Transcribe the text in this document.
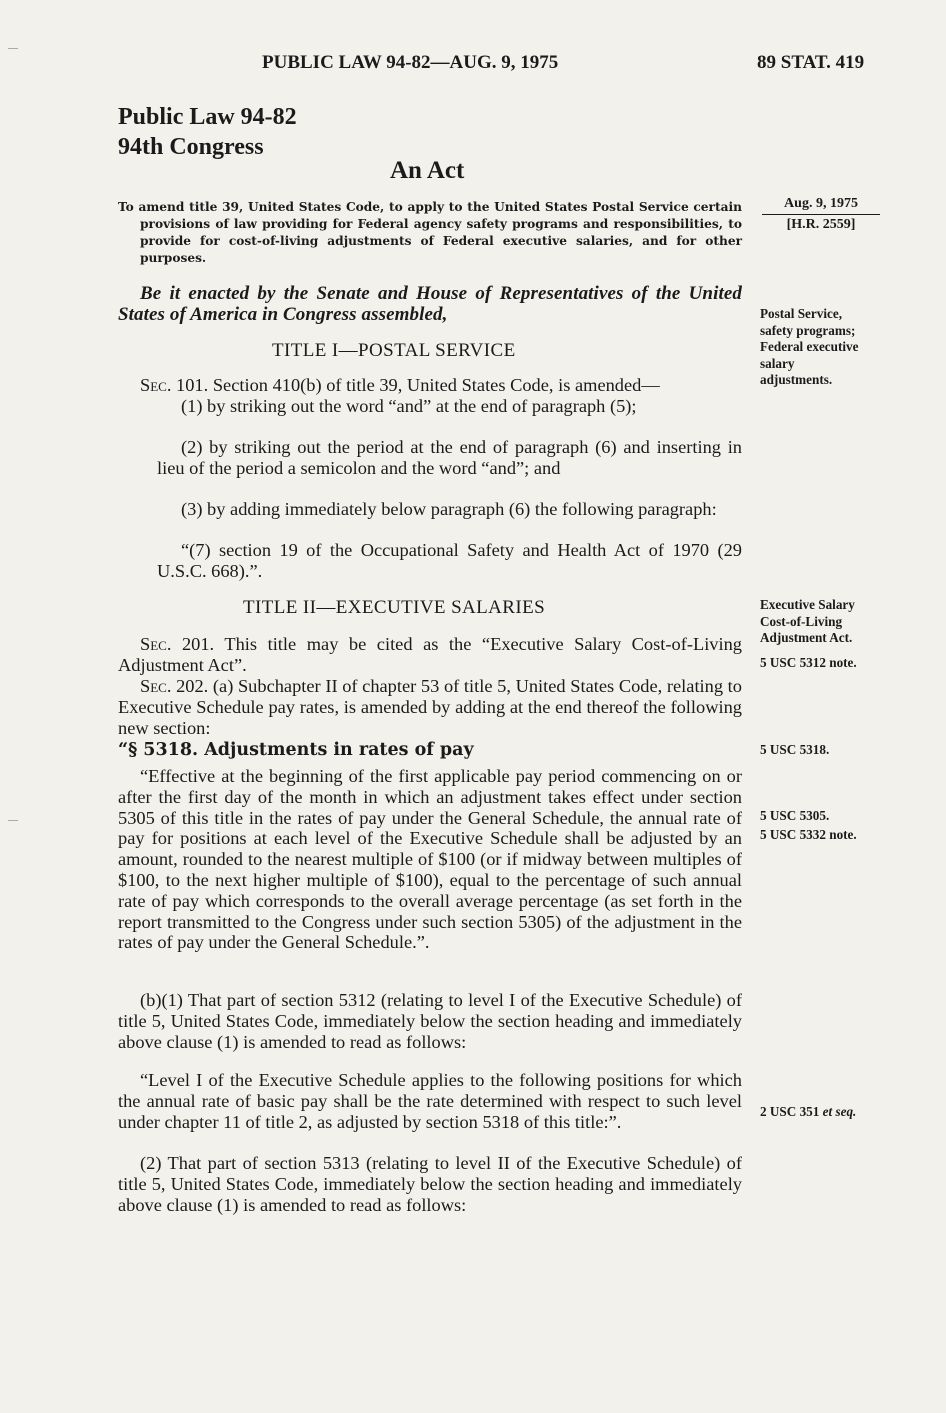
PUBLIC LAW 94-82—AUG. 9, 1975	89 STAT. 419
Public Law 94-82
94th Congress
An Act
To amend title 39, United States Code, to apply to the United States Postal Service certain provisions of law providing for Federal agency safety programs and responsibilities, to provide for cost-of-living adjustments of Federal executive salaries, and for other purposes.
Aug. 9, 1975
[H.R. 2559]
Be it enacted by the Senate and House of Representatives of the United States of America in Congress assembled,	Postal Service,
safety programs;
Federal executive
salary
adjustments.
TITLE I—POSTAL SERVICE
Sec. 101. Section 410(b) of title 39, United States Code, is amended—
(1) by striking out the word “and” at the end of paragraph (5);
(2) by striking out the period at the end of paragraph (6) and inserting in lieu of the period a semicolon and the word “and”; and
(3) by adding immediately below paragraph (6) the following paragraph:
“(7) section 19 of the Occupational Safety and Health Act of 1970 (29 U.S.C. 668).”.
TITLE II—EXECUTIVE SALARIES	Executive Salary
Cost-of-Living
Adjustment Act.
5 USC 5312 note.
Sec. 201. This title may be cited as the “Executive Salary Cost-of-Living Adjustment Act”.
Sec. 202. (a) Subchapter II of chapter 53 of title 5, United States Code, relating to Executive Schedule pay rates, is amended by adding at the end thereof the following new section:
“§ 5318. Adjustments in rates of pay	5 USC 5318.
“Effective at the beginning of the first applicable pay period commencing on or after the first day of the month in which an adjustment takes effect under section 5305 of this title in the rates of pay under the General Schedule, the annual rate of pay for positions at each level of the Executive Schedule shall be adjusted by an amount, rounded to the nearest multiple of $100 (or if midway between multiples of $100, to the next higher multiple of $100), equal to the percentage of such annual rate of pay which corresponds to the overall average percentage (as set forth in the report transmitted to the Congress under such section 5305) of the adjustment in the rates of pay under the General Schedule.”.
5 USC 5305.
5 USC 5332 note.
(b)(1) That part of section 5312 (relating to level I of the Executive Schedule) of title 5, United States Code, immediately below the section heading and immediately above clause (1) is amended to read as follows:
“Level I of the Executive Schedule applies to the following positions for which the annual rate of basic pay shall be the rate determined with respect to such level under chapter 11 of title 2, as adjusted by section 5318 of this title:”.
2 USC 351 et seq.
(2) That part of section 5313 (relating to level II of the Executive Schedule) of title 5, United States Code, immediately below the section heading and immediately above clause (1) is amended to read as follows:
